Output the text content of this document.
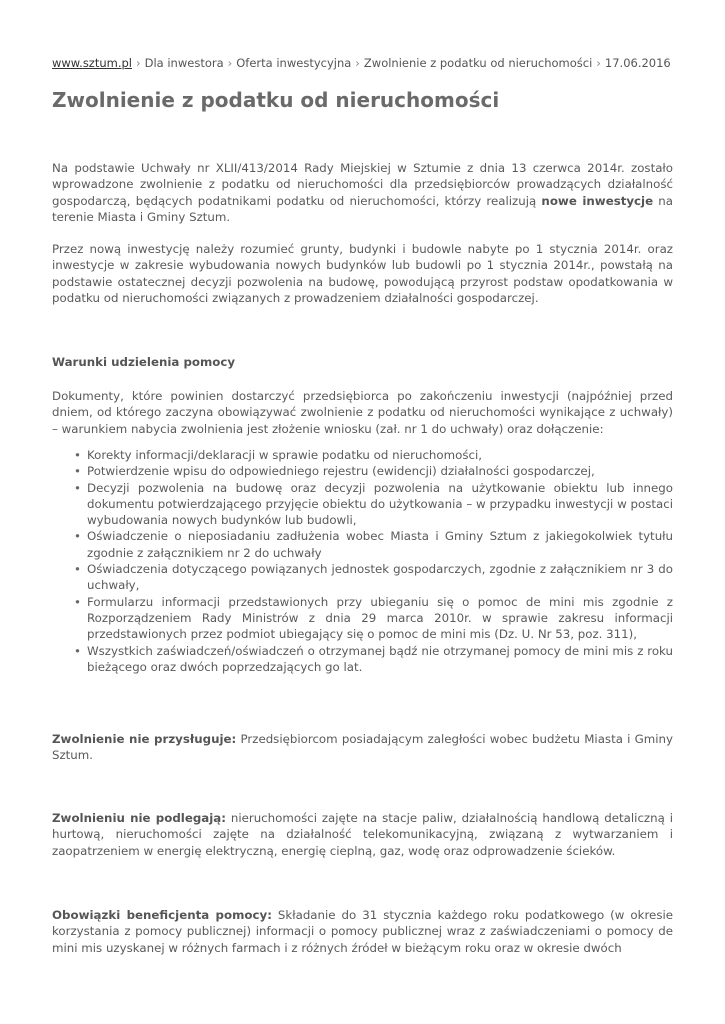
www.sztum.pl › Dla inwestora › Oferta inwestycyjna › Zwolnienie z podatku od nieruchomości › 17.06.2016
Zwolnienie z podatku od nieruchomości

Na podstawie Uchwały nr XLII/413/2014 Rady Miejskiej w Sztumie z dnia 13 czerwca 2014r. zostało wprowadzone zwolnienie z podatku od nieruchomości dla przedsiębiorców prowadzących działalność gospodarczą, będących podatnikami podatku od nieruchomości, którzy realizują nowe inwestycje na terenie Miasta i Gminy Sztum.

Przez nową inwestycję należy rozumieć grunty, budynki i budowle nabyte po 1 stycznia 2014r. oraz inwestycje w zakresie wybudowania nowych budynków lub budowli po 1 stycznia 2014r., powstałą na podstawie ostatecznej decyzji pozwolenia na budowę, powodującą przyrost podstaw opodatkowania w podatku od nieruchomości związanych z prowadzeniem działalności gospodarczej.

Warunki udzielenia pomocy

Dokumenty, które powinien dostarczyć przedsiębiorca po zakończeniu inwestycji (najpóźniej przed dniem, od którego zaczyna obowiązywać zwolnienie z podatku od nieruchomości wynikające z uchwały) – warunkiem nabycia zwolnienia jest złożenie wniosku (zał. nr 1 do uchwały) oraz dołączenie:

• Korekty informacji/deklaracji w sprawie podatku od nieruchomości,
• Potwierdzenie wpisu do odpowiedniego rejestru (ewidencji) działalności gospodarczej,
• Decyzji pozwolenia na budowę oraz decyzji pozwolenia na użytkowanie obiektu lub innego dokumentu potwierdzającego przyjęcie obiektu do użytkowania – w przypadku inwestycji w postaci wybudowania nowych budynków lub budowli,
• Oświadczenie o nieposiadaniu zadłużenia wobec Miasta i Gminy Sztum z jakiegokolwiek tytułu zgodnie z załącznikiem nr 2 do uchwały
• Oświadczenia dotyczącego powiązanych jednostek gospodarczych, zgodnie z załącznikiem nr 3 do uchwały,
• Formularzu informacji przedstawionych przy ubieganiu się o pomoc de mini mis zgodnie z Rozporządzeniem Rady Ministrów z dnia 29 marca 2010r. w sprawie zakresu informacji przedstawionych przez podmiot ubiegający się o pomoc de mini mis (Dz. U. Nr 53, poz. 311),
• Wszystkich zaświadczeń/oświadczeń o otrzymanej bądź nie otrzymanej pomocy de mini mis z roku bieżącego oraz dwóch poprzedzających go lat.

Zwolnienie nie przysługuje: Przedsiębiorcom posiadającym zaległości wobec budżetu Miasta i Gminy Sztum.

Zwolnieniu nie podlegają: nieruchomości zajęte na stacje paliw, działalnością handlową detaliczną i hurtową, nieruchomości zajęte na działalność telekomunikacyjną, związaną z wytwarzaniem i zaopatrzeniem w energię elektryczną, energię cieplną, gaz, wodę oraz odprowadzenie ścieków.

Obowiązki beneficjenta pomocy: Składanie do 31 stycznia każdego roku podatkowego (w okresie korzystania z pomocy publicznej) informacji o pomocy publicznej wraz z zaświadczeniami o pomocy de mini mis uzyskanej w różnych farmach i z różnych źródeł w bieżącym roku oraz w okresie dwóch
